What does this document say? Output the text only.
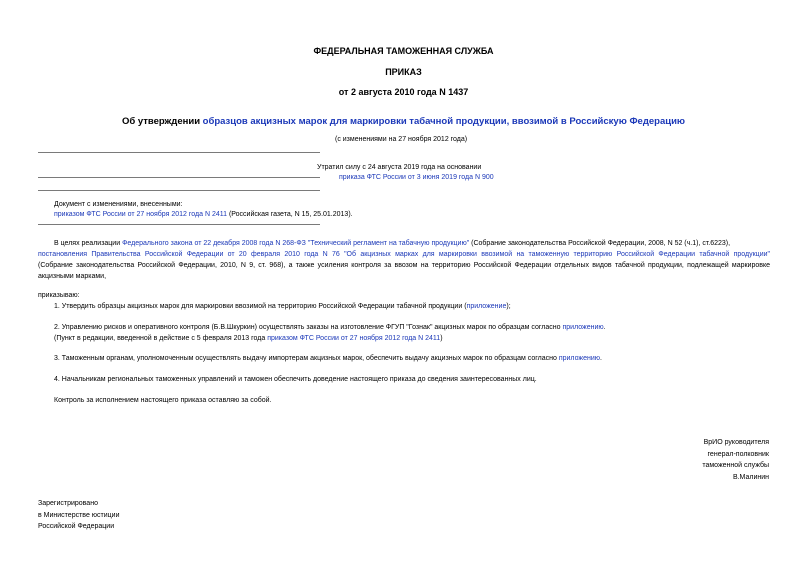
ФЕДЕРАЛЬНАЯ ТАМОЖЕННАЯ СЛУЖБА
ПРИКАЗ
от 2 августа 2010 года N 1437
Об утверждении образцов акцизных марок для маркировки табачной продукции, ввозимой в Российскую Федерацию
(с изменениями на 27 ноября 2012 года)
Утратил силу с 24 августа 2019 года на основании
приказа ФТС России от 3 июня 2019 года N 900
Документ с изменениями, внесенными:
приказом ФТС России от 27 ноября 2012 года N 2411 (Российская газета, N 15, 25.01.2013).
В целях реализации Федерального закона от 22 декабря 2008 года N 268-ФЗ "Технический регламент на табачную продукцию" (Собрание законодательства Российской Федерации, 2008, N 52 (ч.1), ст.6223),
постановления Правительства Российской Федерации от 20 февраля 2010 года N 76 "Об акцизных марках для маркировки ввозимой на таможенную территорию Российской Федерации табачной продукции"
(Собрание законодательства Российской Федерации, 2010, N 9, ст. 968), а также усиления контроля за ввозом на территорию Российской Федерации отдельных видов табачной продукции, подлежащей маркировке
акцизными марками,
приказываю:
1. Утвердить образцы акцизных марок для маркировки ввозимой на территорию Российской Федерации табачной продукции (приложение);
2. Управлению рисков и оперативного контроля (Б.В.Шкуркин) осуществлять заказы на изготовление ФГУП "Гознак" акцизных марок по образцам согласно приложению.
(Пункт в редакции, введенной в действие с 5 февраля 2013 года приказом ФТС России от 27 ноября 2012 года N 2411)
3. Таможенным органам, уполномоченным осуществлять выдачу импортерам акцизных марок, обеспечить выдачу акцизных марок по образцам согласно приложению.
4. Начальникам региональных таможенных управлений и таможен обеспечить доведение настоящего приказа до сведения заинтересованных лиц.
Контроль за исполнением настоящего приказа оставляю за собой.
ВрИО руководителя
генерал-полковник
таможенной службы
В.Малинин
Зарегистрировано
в Министерстве юстиции
Российской Федерации
